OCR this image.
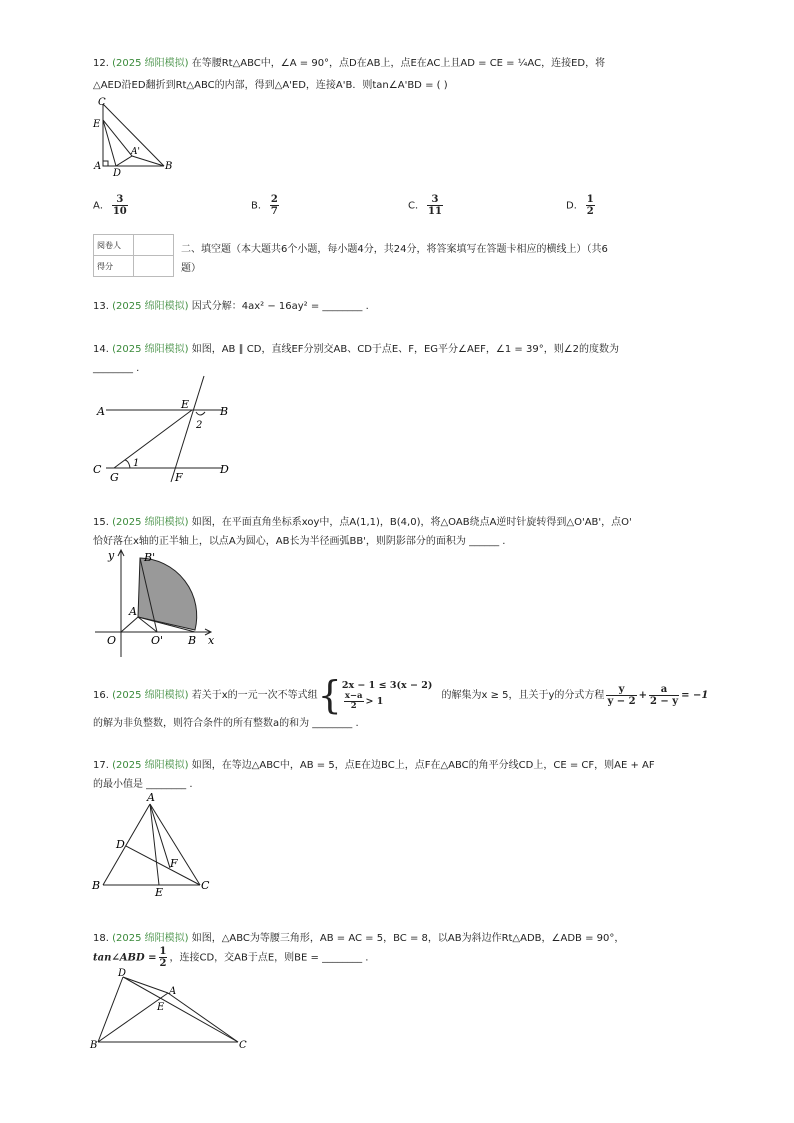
12. (2025 绵阳模拟) 在等腰Rt△ABC中，∠A = 90°，点D在AB上，点E在AC上且AD = CE = ¼AC，连接ED，将
△AED沿ED翻折到Rt△ABC的内部，得到△A'ED，连接A'B．则tan∠A'BD = ( )
C
E
A
D
A'
B
A． $\frac{3}{10}$	B． $\frac{2}{7}$	C． $\frac{3}{11}$	D． $\frac{1}{2}$
阅卷人	
得分	
二、填空题（本大题共6个小题，每小题4分，共24分，将答案填写在答题卡相应的横线上）（共6
题）
13. (2025 绵阳模拟) 因式分解：4ax² − 16ay² = ________ .
14. (2025 绵阳模拟) 如图，AB ∥ CD，直线EF分别交AB、CD于点E、F，EG平分∠AEF，∠1 = 39°，则∠2的度数为
________ .
A
E
B
2
C
G
1
F
D
15. (2025 绵阳模拟) 如图，在平面直角坐标系xoy中，点A(1,1)，B(4,0)，将△OAB绕点A逆时针旋转得到△O'AB'，点O'
恰好落在x轴的正半轴上，以点A为圆心，AB长为半径画弧BB'，则阴影部分的面积为 ______ .
y	B'
A
O	O' B x
16. (2025 绵阳模拟) 若关于x的一元一次不等式组{ 2x − 1 ≤ 3(x − 2)
$\frac{x-a}{2} > 1$
的解集为x ≥ 5，且关于y的分式方程 $\frac{y}{y - 2} + \frac{a}{2 - y} = -1$
的解为非负整数，则符合条件的所有整数a的和为 ________ .
17. (2025 绵阳模拟) 如图，在等边△ABC中，AB = 5，点E在边BC上，点F在△ABC的角平分线CD上，CE = CF，则AE + AF
的最小值是 ________ .
A
D
F
B
E
C
18. (2025 绵阳模拟) 如图，△ABC为等腰三角形，AB = AC = 5，BC = 8，以AB为斜边作Rt△ADB，∠ADB = 90°，
tan∠ABD = $\frac{1}{2}$ ，连接CD，交AB于点E，则BE = ________ .
D
A
E
B	C
